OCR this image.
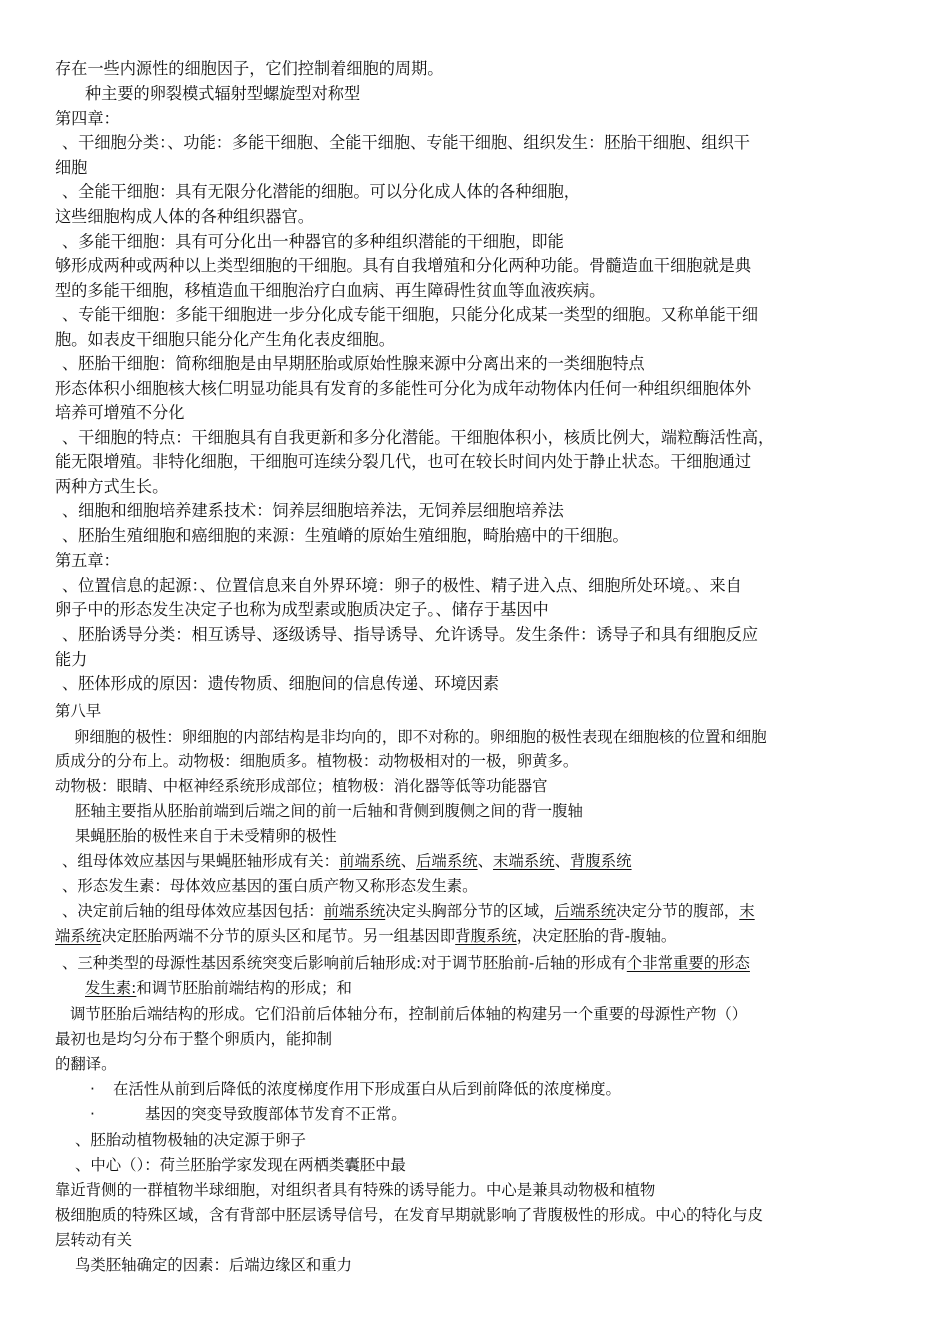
存在一些内源性的细胞因子，它们控制着细胞的周期。
种主要的卵裂模式辐射型螺旋型对称型
第四章：
、干细胞分类：、功能：多能干细胞、全能干细胞、专能干细胞、组织发生：胚胎干细胞、组织干
细胞
、全能干细胞：具有无限分化潜能的细胞。可以分化成人体的各种细胞，
这些细胞构成人体的各种组织器官。
、多能干细胞：具有可分化出一种器官的多种组织潜能的干细胞，即能
够形成两种或两种以上类型细胞的干细胞。具有自我增殖和分化两种功能。骨髓造血干细胞就是典
型的多能干细胞，移植造血干细胞治疗白血病、再生障碍性贫血等血液疾病。
、专能干细胞：多能干细胞进一步分化成专能干细胞，只能分化成某一类型的细胞。又称单能干细
胞。如表皮干细胞只能分化产生角化表皮细胞。
、胚胎干细胞：简称细胞是由早期胚胎或原始性腺来源中分离出来的一类细胞特点
形态体积小细胞核大核仁明显功能具有发育的多能性可分化为成年动物体内任何一种组织细胞体外
培养可增殖不分化
、干细胞的特点：干细胞具有自我更新和多分化潜能。干细胞体积小，核质比例大，端粒酶活性高，
能无限增殖。非特化细胞，干细胞可连续分裂几代，也可在较长时间内处于静止状态。干细胞通过
两种方式生长。
、细胞和细胞培养建系技术：饲养层细胞培养法，无饲养层细胞培养法
、胚胎生殖细胞和癌细胞的来源：生殖嵴的原始生殖细胞，畸胎癌中的干细胞。
第五章：
、位置信息的起源：、位置信息来自外界环境：卵子的极性、精子进入点、细胞所处环境。、来自
卵子中的形态发生决定子也称为成型素或胞质决定子。、储存于基因中
、胚胎诱导分类：相互诱导、逐级诱导、指导诱导、允许诱导。发生条件：诱导子和具有细胞反应
能力
、胚体形成的原因：遗传物质、细胞间的信息传递、环境因素
第八早
卵细胞的极性：卵细胞的内部结构是非均向的，即不对称的。卵细胞的极性表现在细胞核的位置和细胞
质成分的分布上。动物极：细胞质多。植物极：动物极相对的一极，卵黄多。
动物极：眼睛、中枢神经系统形成部位；植物极：消化器等低等功能器官
胚轴主要指从胚胎前端到后端之间的前一后轴和背侧到腹侧之间的背一腹轴
果蝇胚胎的极性来自于未受精卵的极性
、组母体效应基因与果蝇胚轴形成有关：前端系统、后端系统、末端系统、背腹系统
、形态发生素：母体效应基因的蛋白质产物又称形态发生素。
、决定前后轴的组母体效应基因包括：前端系统决定头胸部分节的区域，后端系统决定分节的腹部，末
端系统决定胚胎两端不分节的原头区和尾节。另一组基因即背腹系统，决定胚胎的背-腹轴。
、三种类型的母源性基因系统突变后影响前后轴形成:对于调节胚胎前-后轴的形成有个非常重要的形态
发生素:和调节胚胎前端结构的形成；和
调节胚胎后端结构的形成。它们沿前后体轴分布，控制前后体轴的构建另一个重要的母源性产物（）
最初也是均匀分布于整个卵质内，能抑制
的翻译。
·	在活性从前到后降低的浓度梯度作用下形成蛋白从后到前降低的浓度梯度。
·	基因的突变导致腹部体节发育不正常。
、胚胎动植物极轴的决定源于卵子
、中心（）：荷兰胚胎学家发现在两栖类囊胚中最
靠近背侧的一群植物半球细胞，对组织者具有特殊的诱导能力。中心是兼具动物极和植物
极细胞质的特殊区域，含有背部中胚层诱导信号，在发育早期就影响了背腹极性的形成。中心的特化与皮
层转动有关
鸟类胚轴确定的因素：后端边缘区和重力
